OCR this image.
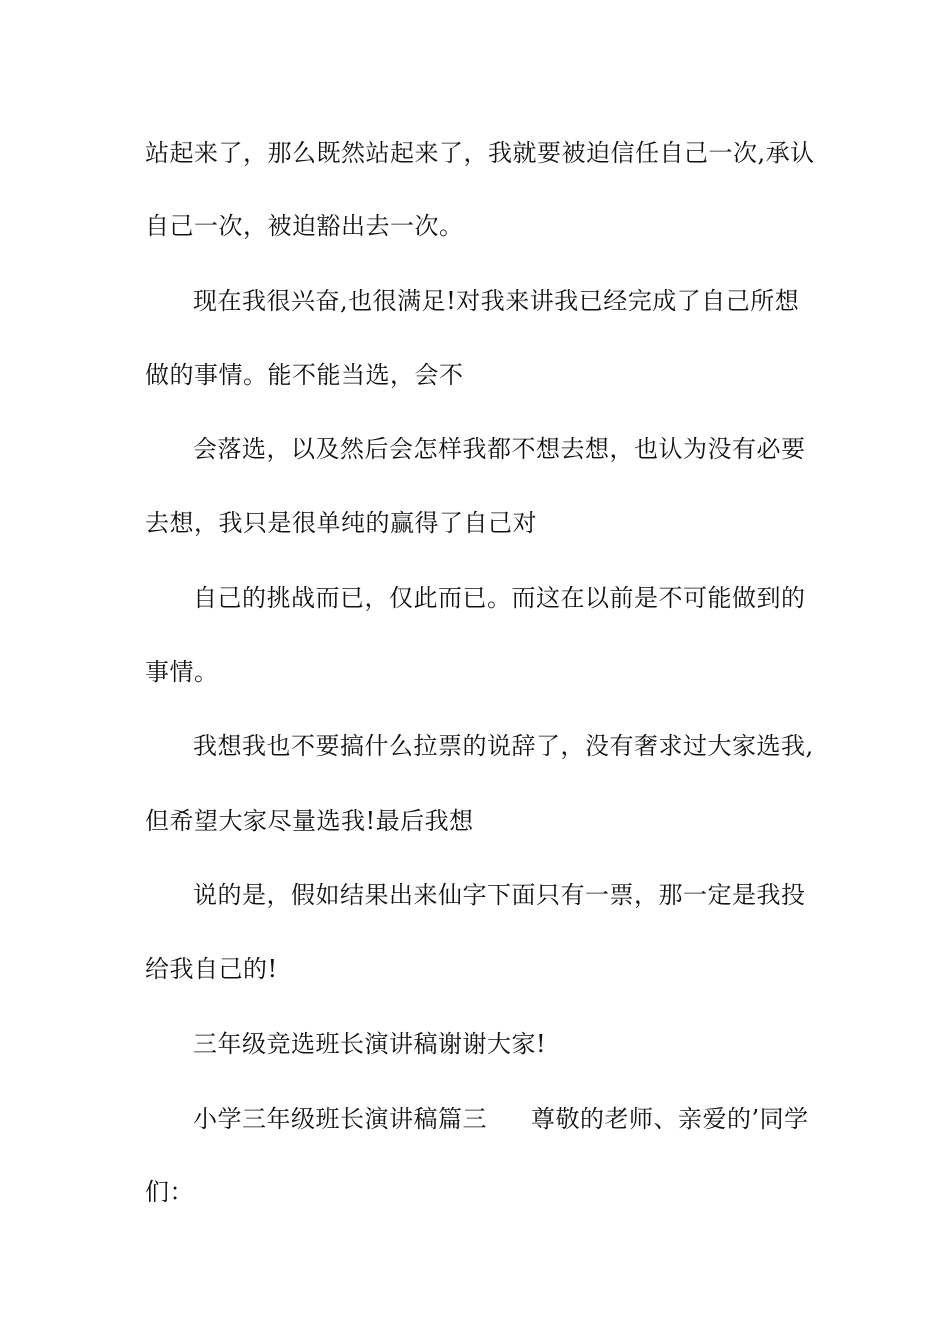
站起来了，那么既然站起来了，我就要被迫信任自己一次,承认
自己一次，被迫豁出去一次。
现在我很兴奋,也很满足!对我来讲我已经完成了自己所想
做的事情。能不能当选，会不
会落选，以及然后会怎样我都不想去想，也认为没有必要
去想，我只是很单纯的赢得了自己对
自己的挑战而已，仅此而已。而这在以前是不可能做到的
事情。
我想我也不要搞什么拉票的说辞了，没有奢求过大家选我,
但希望大家尽量选我!最后我想
说的是，假如结果出来仙字下面只有一票，那一定是我投
给我自己的!
三年级竞选班长演讲稿谢谢大家!
小学三年级班长演讲稿篇三 尊敬的老师、亲爱的’同学
们：
